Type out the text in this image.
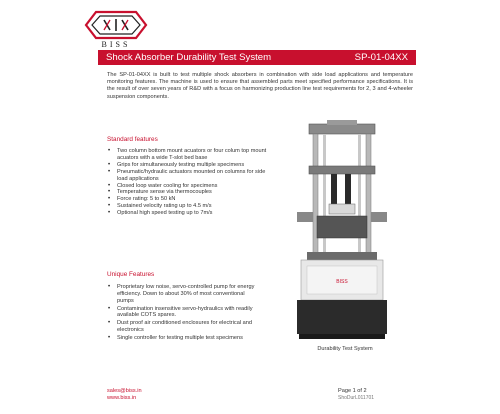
BISS
Shock Absorber Durability Test System	SP-01-04XX
The SP-01-04XX is built to test multiple shock absorbers in combination with side load applications and temperature monitoring features. The machine is used to ensure that assembled parts meet specified performance specifications. It is the result of over seven years of R&D with a focus on harmonizing production line test requirements for 2, 3 and 4-wheeler suspension components.
Standard features
• Two column bottom mount acuators or four colum top mount acuators with a wide T-slot bed base
• Grips for simultaneously testing multiple specimens
• Pneumatic/hydraulic actuators mounted on columns for side load applications
• Closed loop water cooling for specimens
• Temperature sense via thermocouples
• Force rating: 5 to 50 kN
• Sustained velocity rating up to 4.5 m/s
• Optional high speed testing up to 7m/s
Unique Features
• Proprietary low noise, servo-controlled pump for energy efficiency. Down to about 30% of most conventional pumps
• Contamination insensitive servo-hydraulics with readily available COTS spares.
• Dust proof air conditioned enclosures for electrical and electronics
• Single controller for testing multiple test specimens
BISS
Durability Test System
sales@biss.in
www.biss.in
Page 1 of 2
ShoDurL011701
